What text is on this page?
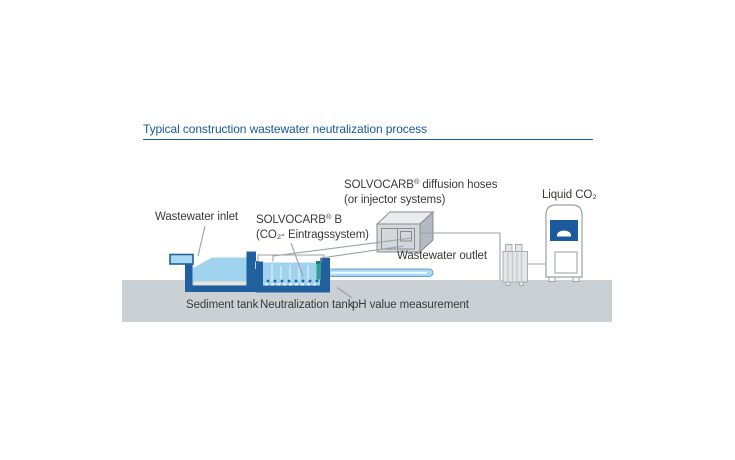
Typical construction wastewater neutralization process
Wastewater inlet SOLVOCARB® B
(CO₂- Eintragssystem)
SOLVOCARB® diffusion hoses
(or injector systems)	Liquid CO₂
Wastewater outlet
Sediment tank Neutralization tank
pH value measurement
